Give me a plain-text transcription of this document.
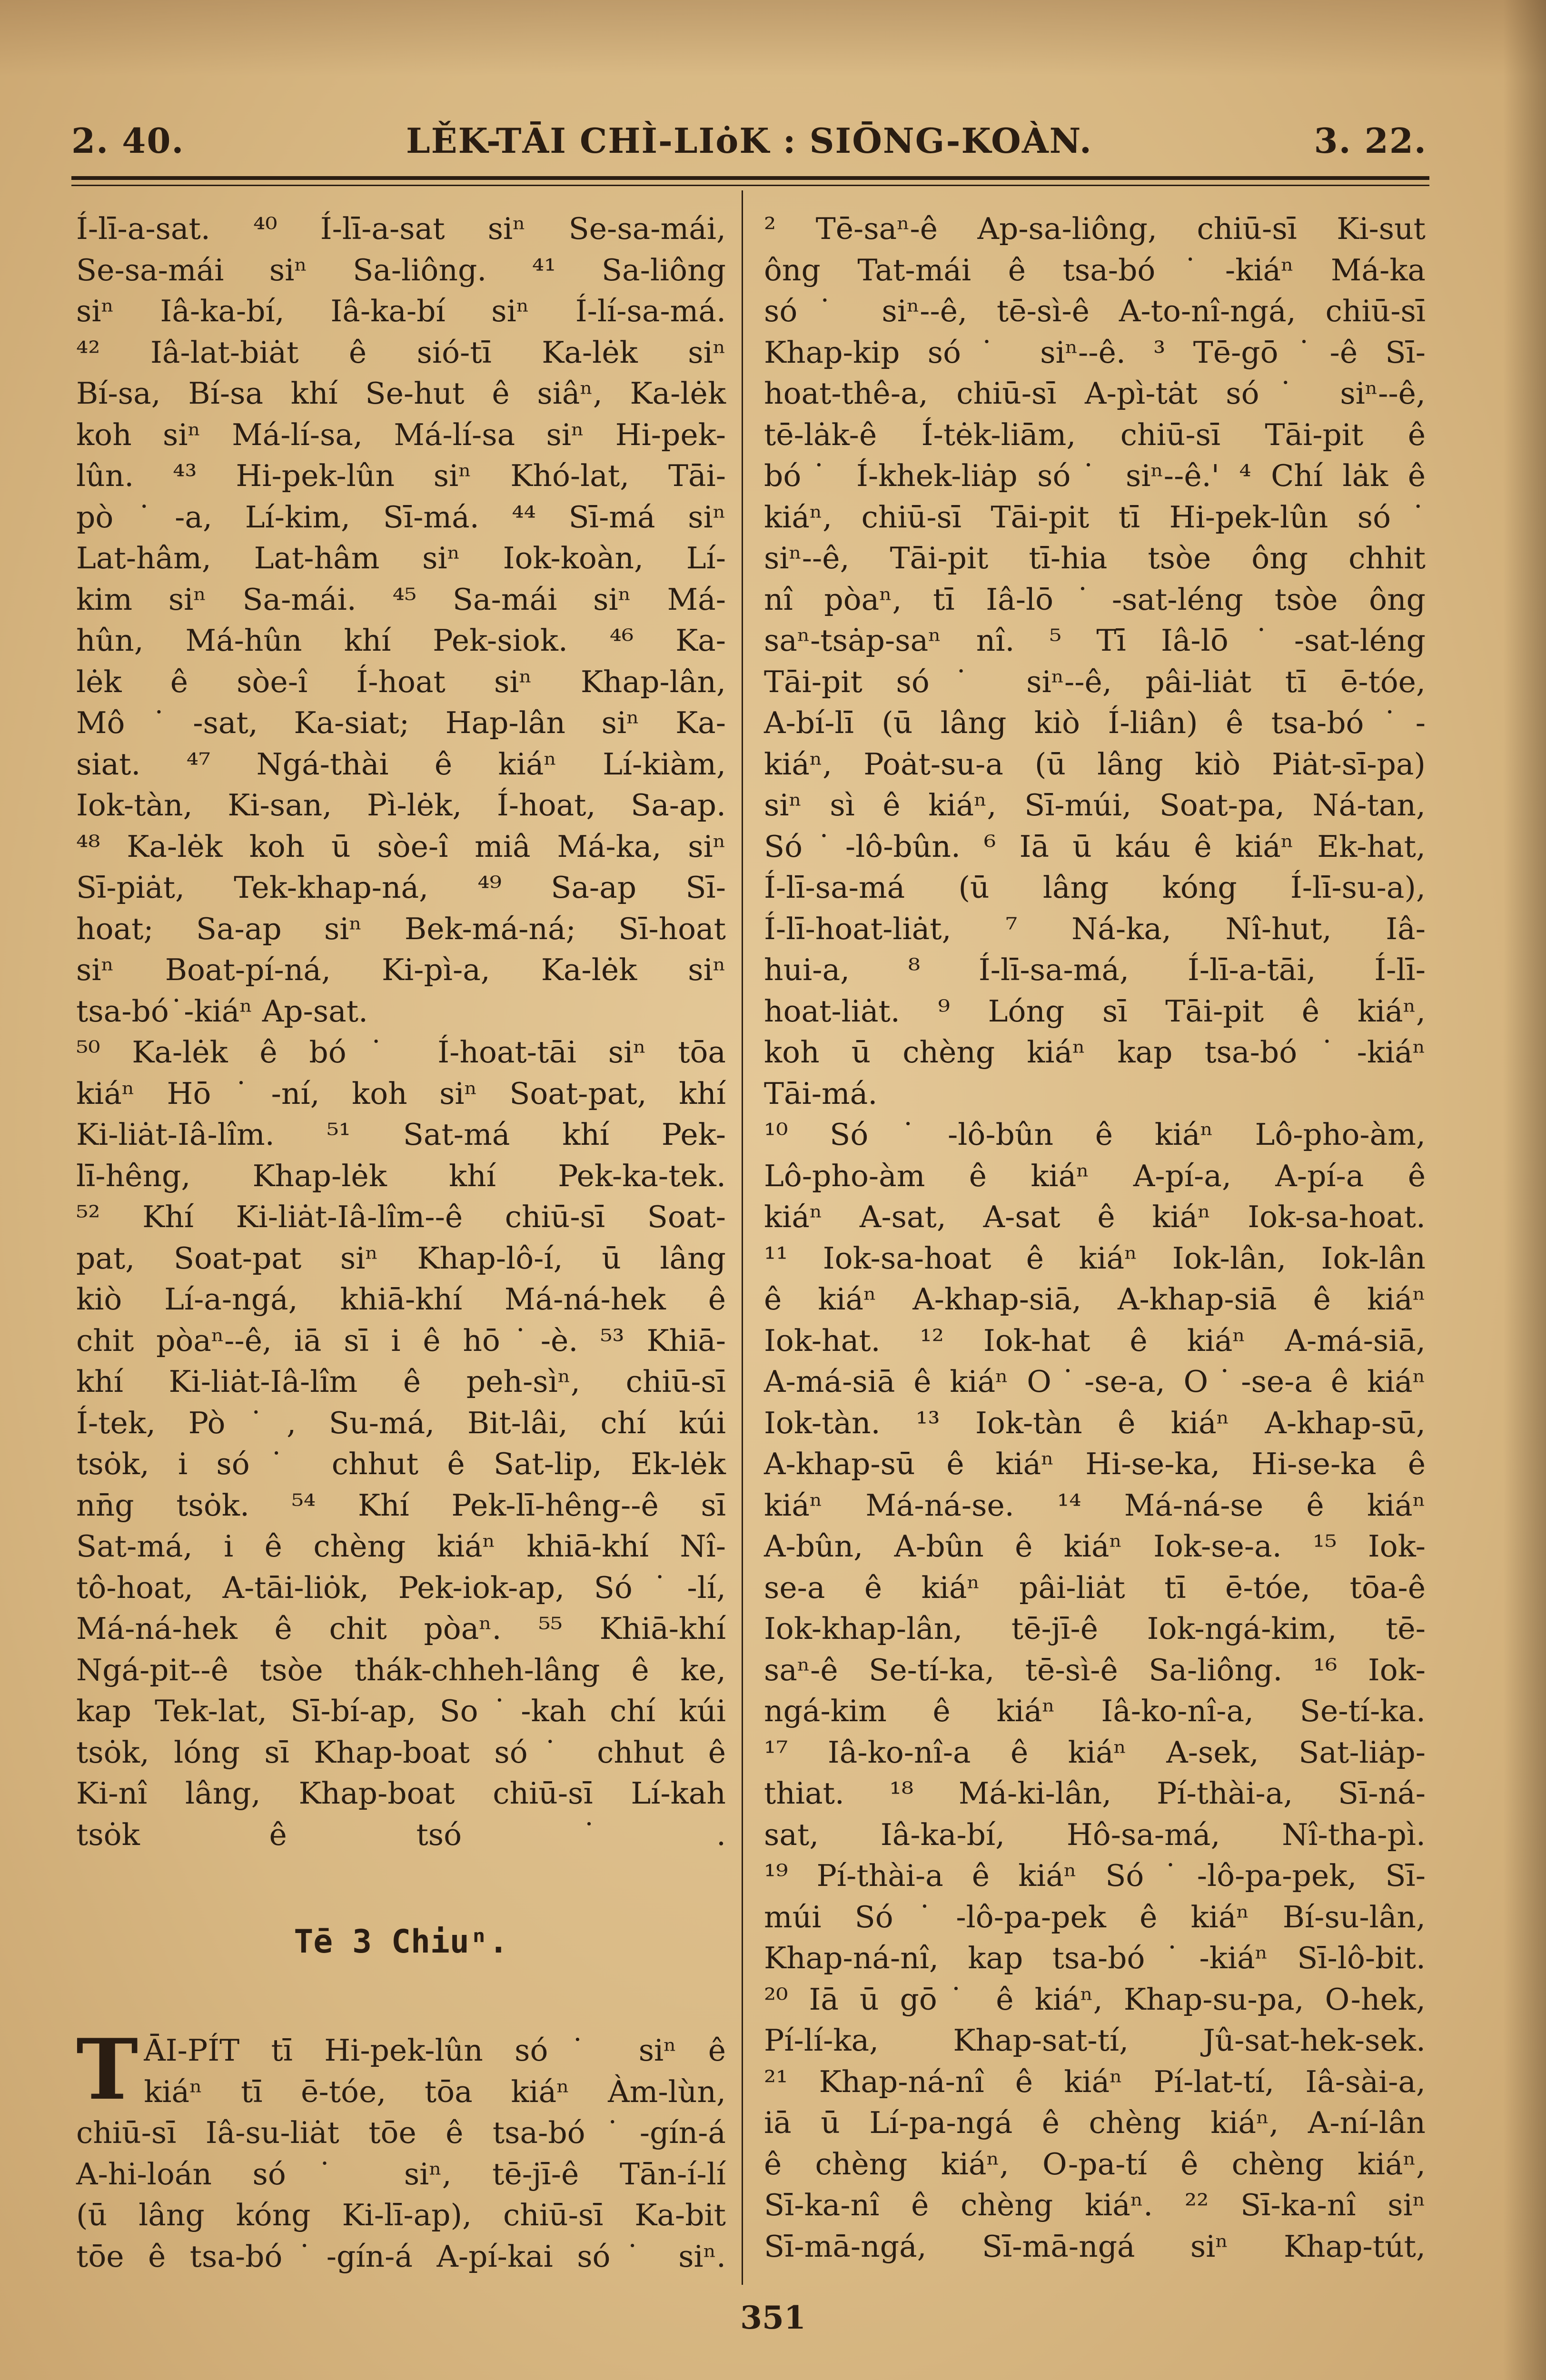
2. 40.	LĚK-TĀI CHÌ-LIȯK : SIŌNG-KOÀN.	3. 22.
Í-lī-a-sat. ⁴⁰ Í-lī-a-sat siⁿ Se-sa-mái,
Se-sa-mái siⁿ Sa-liông. ⁴¹ Sa-liông
siⁿ Iâ-ka-bí, Iâ-ka-bí siⁿ Í-lí-sa-má.
⁴² Iâ-lat-biȧt ê sió-tī Ka-lėk siⁿ
Bí-sa, Bí-sa khí Se-hut ê siâⁿ, Ka-lėk
koh siⁿ Má-lí-sa, Má-lí-sa siⁿ Hi-pek-
lûn. ⁴³ Hi-pek-lûn siⁿ Khó-lat, Tāi-
pò˙-a, Lí-kim, Sī-má. ⁴⁴ Sī-má siⁿ
Lat-hâm, Lat-hâm siⁿ Iok-koàn, Lí-
kim siⁿ Sa-mái. ⁴⁵ Sa-mái siⁿ Má-
hûn, Má-hûn khí Pek-siok. ⁴⁶ Ka-
lėk ê sòe-î Í-hoat siⁿ Khap-lân,
Mô˙-sat, Ka-siat; Hap-lân siⁿ Ka-
siat. ⁴⁷ Ngá-thài ê kiáⁿ Lí-kiàm,
Iok-tàn, Ki-san, Pì-lėk, Í-hoat, Sa-ap.
⁴⁸ Ka-lėk koh ū sòe-î miâ Má-ka, siⁿ
Sī-piȧt, Tek-khap-ná, ⁴⁹ Sa-ap Sī-
hoat; Sa-ap siⁿ Bek-má-ná; Sī-hoat
siⁿ Boat-pí-ná, Ki-pì-a, Ka-lėk siⁿ
tsa-bó˙-kiáⁿ Ap-sat.
⁵⁰ Ka-lėk ê bó˙ Í-hoat-tāi siⁿ tōa
kiáⁿ Hō˙-ní, koh siⁿ Soat-pat, khí
Ki-liȧt-Iâ-lîm. ⁵¹ Sat-má khí Pek-
lī-hêng, Khap-lėk khí Pek-ka-tek.
⁵² Khí Ki-liȧt-Iâ-lîm--ê chiū-sī Soat-
pat, Soat-pat siⁿ Khap-lô-í, ū lâng
kiò Lí-a-ngá, khiā-khí Má-ná-hek ê
chit pòaⁿ--ê, iā sī i ê hō˙-è. ⁵³ Khiā-
khí Ki-liȧt-Iâ-lîm ê peh-sìⁿ, chiū-sī
Í-tek, Pò˙, Su-má, Bit-lâi, chí kúi
tsȯk, i só˙ chhut ê Sat-lip, Ek-lėk
nn̄g tsȯk. ⁵⁴ Khí Pek-lī-hêng--ê sī
Sat-má, i ê chèng kiáⁿ khiā-khí Nî-
tô-hoat, A-tāi-liȯk, Pek-iok-ap, Só˙-lí,
Má-ná-hek ê chit pòaⁿ. ⁵⁵ Khiā-khí
Ngá-pit--ê tsòe thák-chheh-lâng ê ke,
kap Tek-lat, Sī-bí-ap, So˙-kah chí kúi
tsȯk, lóng sī Khap-boat só˙ chhut ê
Ki-nî lâng, Khap-boat chiū-sī Lí-kah
tsȯk ê tsó˙.
Tē 3 Chiuⁿ.
T ĀI-PÍT tī Hi-pek-lûn só˙ siⁿ ê
kiáⁿ tī ē-tóe, tōa kiáⁿ Àm-lùn,
chiū-sī Iâ-su-liȧt tōe ê tsa-bó˙-gín-á
A-hi-loán só˙ siⁿ, tē-jī-ê Tān-í-lí
(ū lâng kóng Ki-lī-ap), chiū-sī Ka-bit
tōe ê tsa-bó˙-gín-á A-pí-kai só˙ siⁿ.
² Tē-saⁿ-ê Ap-sa-liông, chiū-sī Ki-sut
ông Tat-mái ê tsa-bó˙-kiáⁿ Má-ka
só˙ siⁿ--ê, tē-sì-ê A-to-nî-ngá, chiū-sī
Khap-kip só˙ siⁿ--ê. ³ Tē-gō˙-ê Sī-
hoat-thê-a, chiū-sī A-pì-tȧt só˙ siⁿ--ê,
tē-lȧk-ê Í-tėk-liām, chiū-sī Tāi-pit ê
bó˙ Í-khek-liȧp só˙ siⁿ--ê.' ⁴ Chí lȧk ê
kiáⁿ, chiū-sī Tāi-pit tī Hi-pek-lûn só˙
siⁿ--ê, Tāi-pit tī-hia tsòe ông chhit
nî pòaⁿ, tī Iâ-lō˙-sat-léng tsòe ông
saⁿ-tsȧp-saⁿ nî. ⁵ Tī Iâ-lō˙-sat-léng
Tāi-pit só˙ siⁿ--ê, pâi-liȧt tī ē-tóe,
A-bí-lī (ū lâng kiò Í-liân) ê tsa-bó˙-
kiáⁿ, Poȧt-su-a (ū lâng kiò Piȧt-sī-pa)
siⁿ sì ê kiáⁿ, Sī-múi, Soat-pa, Ná-tan,
Só˙-lô-bûn. ⁶ Iā ū káu ê kiáⁿ Ek-hat,
Í-lī-sa-má (ū lâng kóng Í-lī-su-a),
Í-lī-hoat-liȧt, ⁷ Ná-ka, Nî-hut, Iâ-
hui-a, ⁸ Í-lī-sa-má, Í-lī-a-tāi, Í-lī-
hoat-liȧt. ⁹ Lóng sī Tāi-pit ê kiáⁿ,
koh ū chèng kiáⁿ kap tsa-bó˙-kiáⁿ
Tāi-má.
¹⁰ Só˙-lô-bûn ê kiáⁿ Lô-pho-àm,
Lô-pho-àm ê kiáⁿ A-pí-a, A-pí-a ê
kiáⁿ A-sat, A-sat ê kiáⁿ Iok-sa-hoat.
¹¹ Iok-sa-hoat ê kiáⁿ Iok-lân, Iok-lân
ê kiáⁿ A-khap-siā, A-khap-siā ê kiáⁿ
Iok-hat. ¹² Iok-hat ê kiáⁿ A-má-siā,
A-má-siā ê kiáⁿ O˙-se-a, O˙-se-a ê kiáⁿ
Iok-tàn. ¹³ Iok-tàn ê kiáⁿ A-khap-sū,
A-khap-sū ê kiáⁿ Hi-se-ka, Hi-se-ka ê
kiáⁿ Má-ná-se. ¹⁴ Má-ná-se ê kiáⁿ
A-bûn, A-bûn ê kiáⁿ Iok-se-a. ¹⁵ Iok-
se-a ê kiáⁿ pâi-liȧt tī ē-tóe, tōa-ê
Iok-khap-lân, tē-jī-ê Iok-ngá-kim, tē-
saⁿ-ê Se-tí-ka, tē-sì-ê Sa-liông. ¹⁶ Iok-
ngá-kim ê kiáⁿ Iâ-ko-nî-a, Se-tí-ka.
¹⁷ Iâ-ko-nî-a ê kiáⁿ A-sek, Sat-liȧp-
thiat. ¹⁸ Má-ki-lân, Pí-thài-a, Sī-ná-
sat, Iâ-ka-bí, Hô-sa-má, Nî-tha-pì.
¹⁹ Pí-thài-a ê kiáⁿ Só˙-lô-pa-pek, Sī-
múi Só˙-lô-pa-pek ê kiáⁿ Bí-su-lân,
Khap-ná-nî, kap tsa-bó˙-kiáⁿ Sī-lô-bit.
²⁰ Iā ū gō˙ ê kiáⁿ, Khap-su-pa, O-hek,
Pí-lí-ka, Khap-sat-tí, Jû-sat-hek-sek.
²¹ Khap-ná-nî ê kiáⁿ Pí-lat-tí, Iâ-sài-a,
iā ū Lí-pa-ngá ê chèng kiáⁿ, A-ní-lân
ê chèng kiáⁿ, O-pa-tí ê chèng kiáⁿ,
Sī-ka-nî ê chèng kiáⁿ. ²² Sī-ka-nî siⁿ
Sī-mā-ngá, Sī-mā-ngá siⁿ Khap-tút,
351
